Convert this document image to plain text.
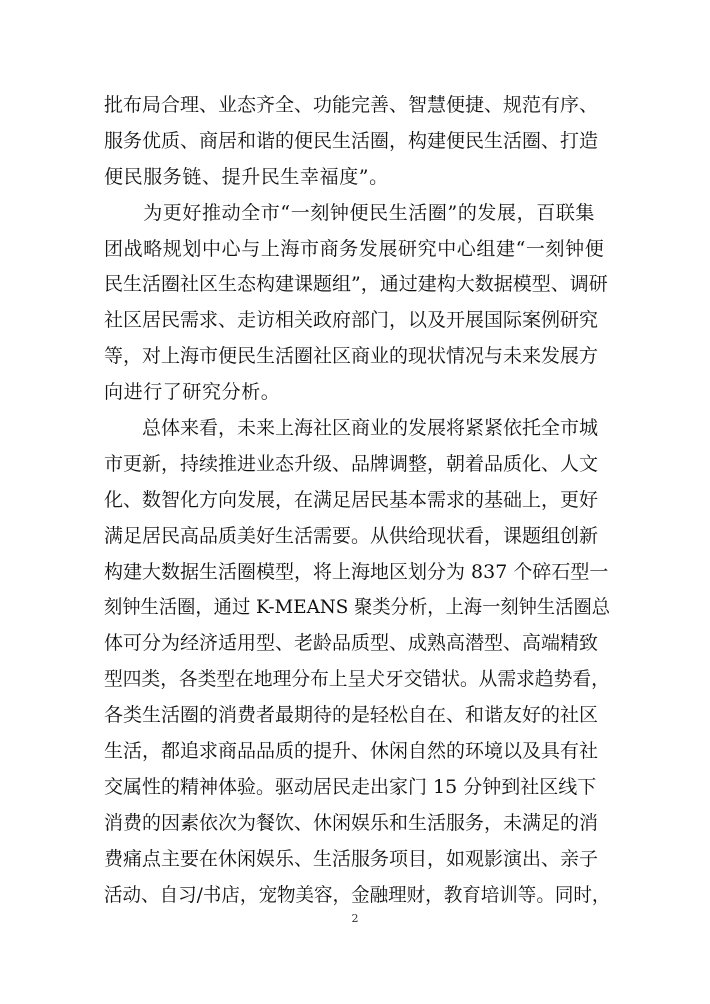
批布局合理、业态齐全、功能完善、智慧便捷、规范有序、
服务优质、商居和谐的便民生活圈，构建便民生活圈、打造
便民服务链、提升民生幸福度”。
　　为更好推动全市“一刻钟便民生活圈”的发展，百联集
团战略规划中心与上海市商务发展研究中心组建“一刻钟便
民生活圈社区生态构建课题组”，通过建构大数据模型、调研
社区居民需求、走访相关政府部门，以及开展国际案例研究
等，对上海市便民生活圈社区商业的现状情况与未来发展方
向进行了研究分析。
　　总体来看，未来上海社区商业的发展将紧紧依托全市城
市更新，持续推进业态升级、品牌调整，朝着品质化、人文
化、数智化方向发展，在满足居民基本需求的基础上，更好
满足居民高品质美好生活需要。从供给现状看，课题组创新
构建大数据生活圈模型，将上海地区划分为 837 个碎石型一
刻钟生活圈，通过 K-MEANS 聚类分析，上海一刻钟生活圈总
体可分为经济适用型、老龄品质型、成熟高潜型、高端精致
型四类，各类型在地理分布上呈犬牙交错状。从需求趋势看，
各类生活圈的消费者最期待的是轻松自在、和谐友好的社区
生活，都追求商品品质的提升、休闲自然的环境以及具有社
交属性的精神体验。驱动居民走出家门 15 分钟到社区线下
消费的因素依次为餐饮、休闲娱乐和生活服务，未满足的消
费痛点主要在休闲娱乐、生活服务项目，如观影演出、亲子
活动、自习/书店，宠物美容，金融理财，教育培训等。同时，
2
